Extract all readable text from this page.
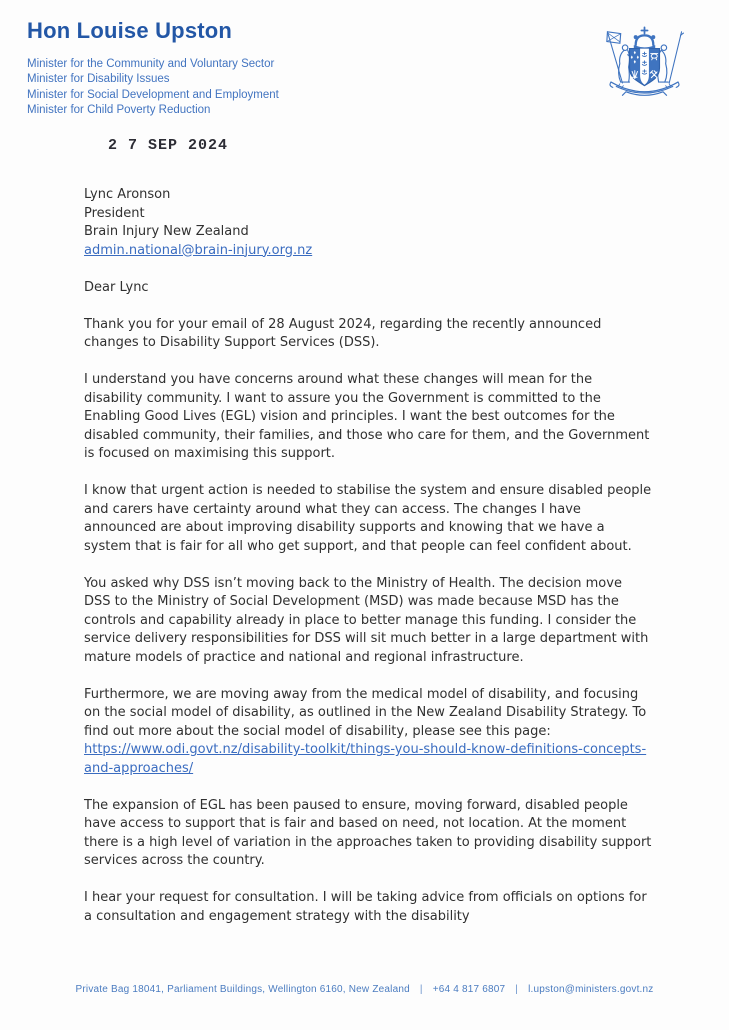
Hon Louise Upston
Minister for the Community and Voluntary Sector
Minister for Disability Issues
Minister for Social Development and Employment
Minister for Child Poverty Reduction
2 7 SEP 2024
Lync Aronson
President
Brain Injury New Zealand
admin.national@brain-injury.org.nz
Dear Lync

Thank you for your email of 28 August 2024, regarding the recently announced changes to Disability Support Services (DSS).

I understand you have concerns around what these changes will mean for the disability community. I want to assure you the Government is committed to the Enabling Good Lives (EGL) vision and principles. I want the best outcomes for the disabled community, their families, and those who care for them, and the Government is focused on maximising this support.

I know that urgent action is needed to stabilise the system and ensure disabled people and carers have certainty around what they can access. The changes I have announced are about improving disability supports and knowing that we have a system that is fair for all who get support, and that people can feel confident about.

You asked why DSS isn’t moving back to the Ministry of Health. The decision move DSS to the Ministry of Social Development (MSD) was made because MSD has the controls and capability already in place to better manage this funding. I consider the service delivery responsibilities for DSS will sit much better in a large department with mature models of practice and national and regional infrastructure.

Furthermore, we are moving away from the medical model of disability, and focusing on the social model of disability, as outlined in the New Zealand Disability Strategy. To find out more about the social model of disability, please see this page: https://www.odi.govt.nz/disability-toolkit/things-you-should-know-definitions-concepts-and-approaches/

The expansion of EGL has been paused to ensure, moving forward, disabled people have access to support that is fair and based on need, not location. At the moment there is a high level of variation in the approaches taken to providing disability support services across the country.

I hear your request for consultation. I will be taking advice from officials on options for a consultation and engagement strategy with the disability

Private Bag 18041, Parliament Buildings, Wellington 6160, New Zealand | +64 4 817 6807 | l.upston@ministers.govt.nz
